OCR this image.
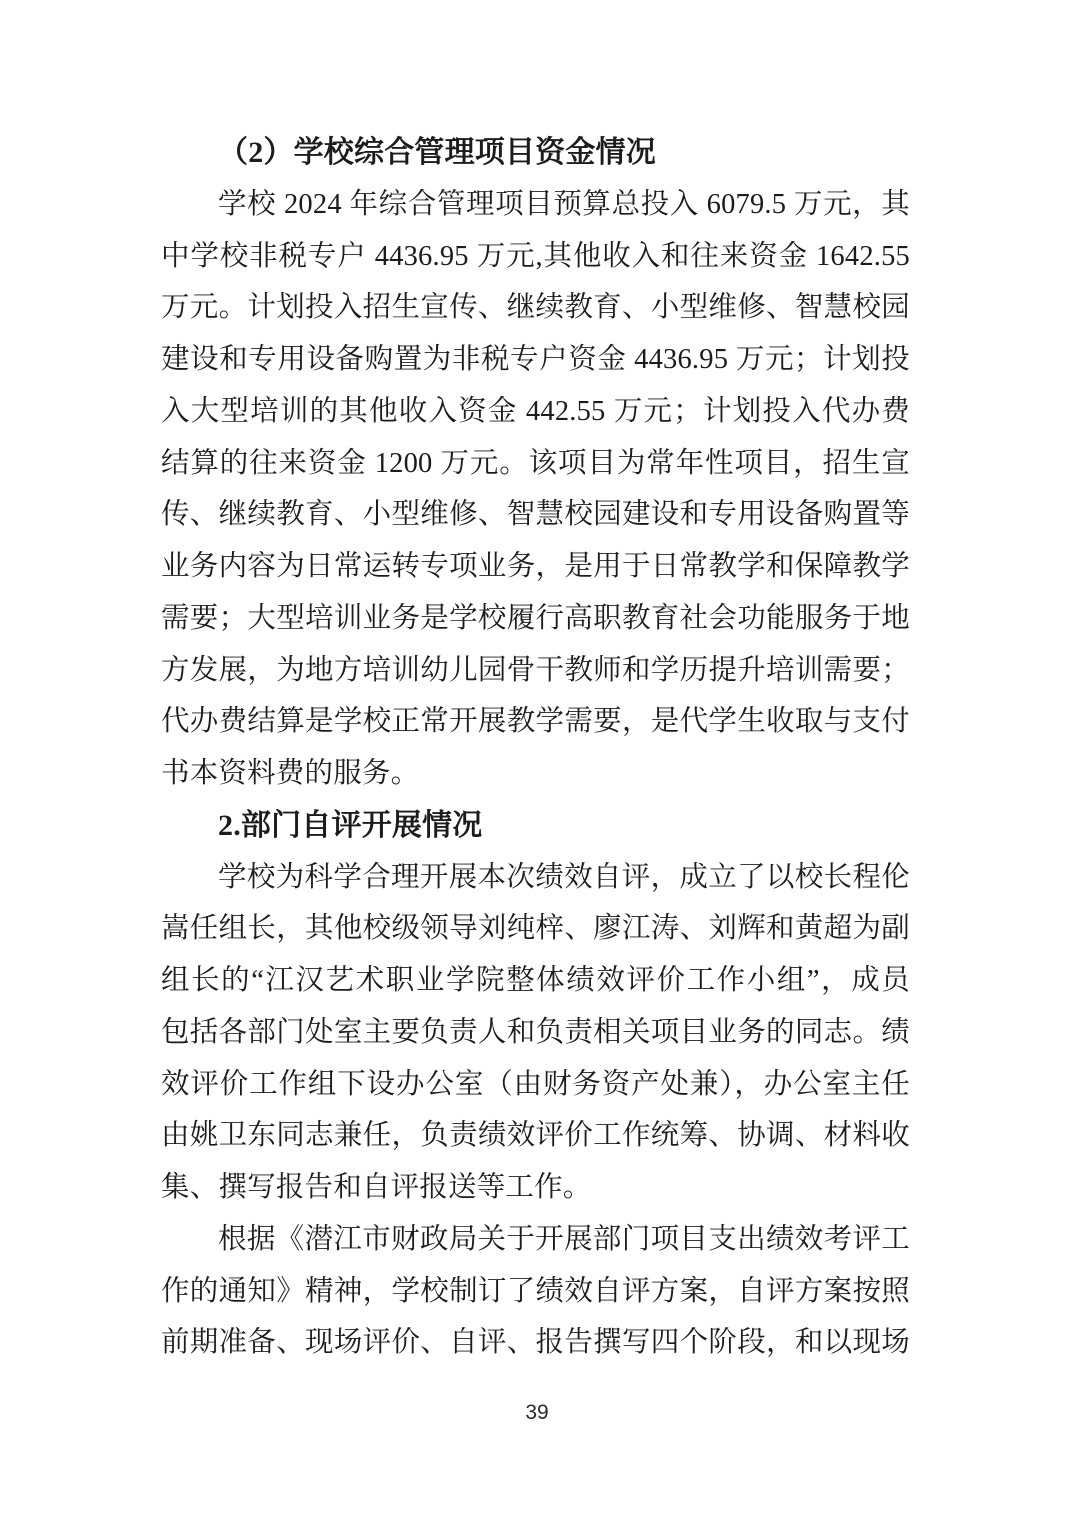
（2）学校综合管理项目资金情况
学校 2024 年综合管理项目预算总投入 6079.5 万元，其
中学校非税专户 4436.95 万元,其他收入和往来资金 1642.55
万元。计划投入招生宣传、继续教育、小型维修、智慧校园
建设和专用设备购置为非税专户资金 4436.95 万元；计划投
入大型培训的其他收入资金 442.55 万元；计划投入代办费
结算的往来资金 1200 万元。该项目为常年性项目，招生宣
传、继续教育、小型维修、智慧校园建设和专用设备购置等
业务内容为日常运转专项业务，是用于日常教学和保障教学
需要；大型培训业务是学校履行高职教育社会功能服务于地
方发展，为地方培训幼儿园骨干教师和学历提升培训需要；
代办费结算是学校正常开展教学需要，是代学生收取与支付
书本资料费的服务。
2.部门自评开展情况
学校为科学合理开展本次绩效自评，成立了以校长程伦
嵩任组长，其他校级领导刘纯梓、廖江涛、刘辉和黄超为副
组长的“江汉艺术职业学院整体绩效评价工作小组”，成员
包括各部门处室主要负责人和负责相关项目业务的同志。绩
效评价工作组下设办公室（由财务资产处兼），办公室主任
由姚卫东同志兼任，负责绩效评价工作统筹、协调、材料收
集、撰写报告和自评报送等工作。
根据《潜江市财政局关于开展部门项目支出绩效考评工
作的通知》精神，学校制订了绩效自评方案，自评方案按照
前期准备、现场评价、自评、报告撰写四个阶段，和以现场
39
